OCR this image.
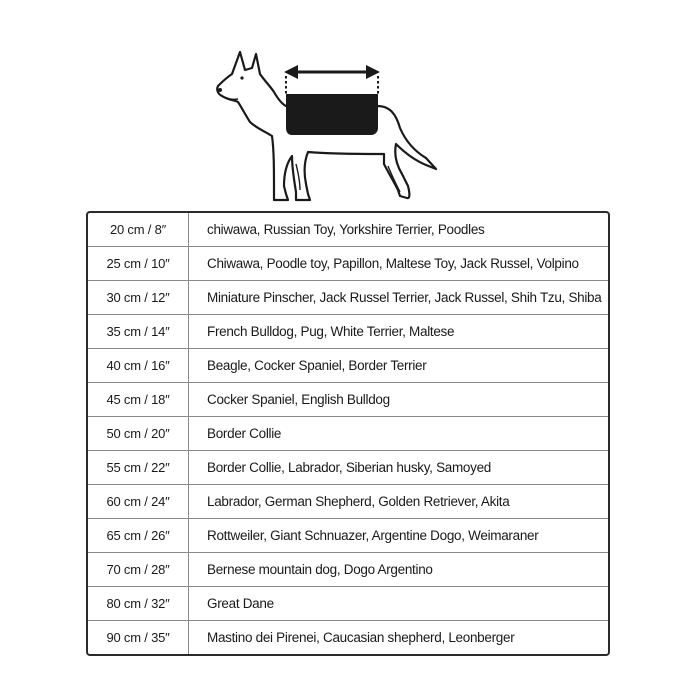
20 cm / 8″	chiwawa, Russian Toy, Yorkshire Terrier, Poodles
25 cm / 10″	Chiwawa, Poodle toy, Papillon, Maltese Toy, Jack Russel, Volpino
30 cm / 12″	Miniature Pinscher, Jack Russel Terrier, Jack Russel, Shih Tzu, Shiba
35 cm / 14″	French Bulldog, Pug, White Terrier, Maltese
40 cm / 16″	Beagle, Cocker Spaniel, Border Terrier
45 cm / 18″	Cocker Spaniel, English Bulldog
50 cm / 20″	Border Collie
55 cm / 22″	Border Collie, Labrador, Siberian husky, Samoyed
60 cm / 24″	Labrador, German Shepherd, Golden Retriever, Akita
65 cm / 26″	Rottweiler, Giant Schnuazer, Argentine Dogo, Weimaraner
70 cm / 28″	Bernese mountain dog, Dogo Argentino
80 cm / 32″	Great Dane
90 cm / 35″	Mastino dei Pirenei, Caucasian shepherd, Leonberger
